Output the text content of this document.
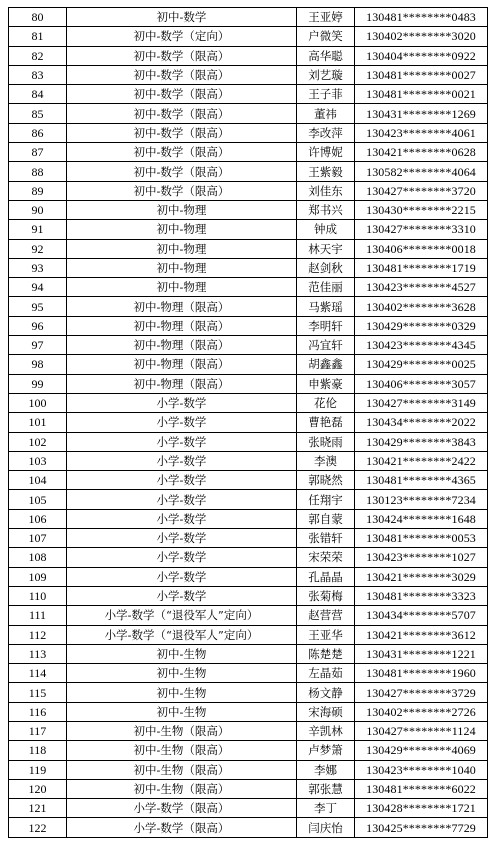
80	初中-数学	王亚婷	130481********0483
81	初中-数学（定向）	户微笑	130402********3020
82	初中-数学（限高）	高华聪	130404********0922
83	初中-数学（限高）	刘艺璇	130481********0027
84	初中-数学（限高）	王子菲	130481********0021
85	初中-数学（限高）	董祎	130431********1269
86	初中-数学（限高）	李改萍	130423********4061
87	初中-数学（限高）	许博妮	130421********0628
88	初中-数学（限高）	王紫毅	130582********4064
89	初中-数学（限高）	刘佳东	130427********3720
90	初中-物理	郑书兴	130430********2215
91	初中-物理	钟成	130427********3310
92	初中-物理	林天宇	130406********0018
93	初中-物理	赵剑秋	130481********1719
94	初中-物理	范佳丽	130423********4527
95	初中-物理（限高）	马紫瑶	130402********3628
96	初中-物理（限高）	李明轩	130429********0329
97	初中-物理（限高）	冯宜轩	130423********4345
98	初中-物理（限高）	胡鑫鑫	130429********0025
99	初中-物理（限高）	申紫豪	130406********3057
100	小学-数学	花伦	130427********3149
101	小学-数学	曹艳磊	130434********2022
102	小学-数学	张晓雨	130429********3843
103	小学-数学	李澳	130421********2422
104	小学-数学	郭晓然	130481********4365
105	小学-数学	任翔宇	130123********7234
106	小学-数学	郭自蒙	130424********1648
107	小学-数学	张错轩	130481********0053
108	小学-数学	宋荣荣	130423********1027
109	小学-数学	孔晶晶	130421********3029
110	小学-数学	张菊梅	130481********3323
111	小学-数学（“退役军人”定向）	赵营营	130434********5707
112	小学-数学（“退役军人”定向）	王亚华	130421********3612
113	初中-生物	陈楚楚	130431********1221
114	初中-生物	左晶茹	130481********1960
115	初中-生物	杨文静	130427********3729
116	初中-生物	宋海硕	130402********2726
117	初中-生物（限高）	辛凯林	130427********1124
118	初中-生物（限高）	卢梦箫	130429********4069
119	初中-生物（限高）	李娜	130423********1040
120	初中-生物（限高）	郭张慧	130481********6022
121	小学-数学（限高）	李丁	130428********1721
122	小学-数学（限高）	闫庆怡	130425********7729
